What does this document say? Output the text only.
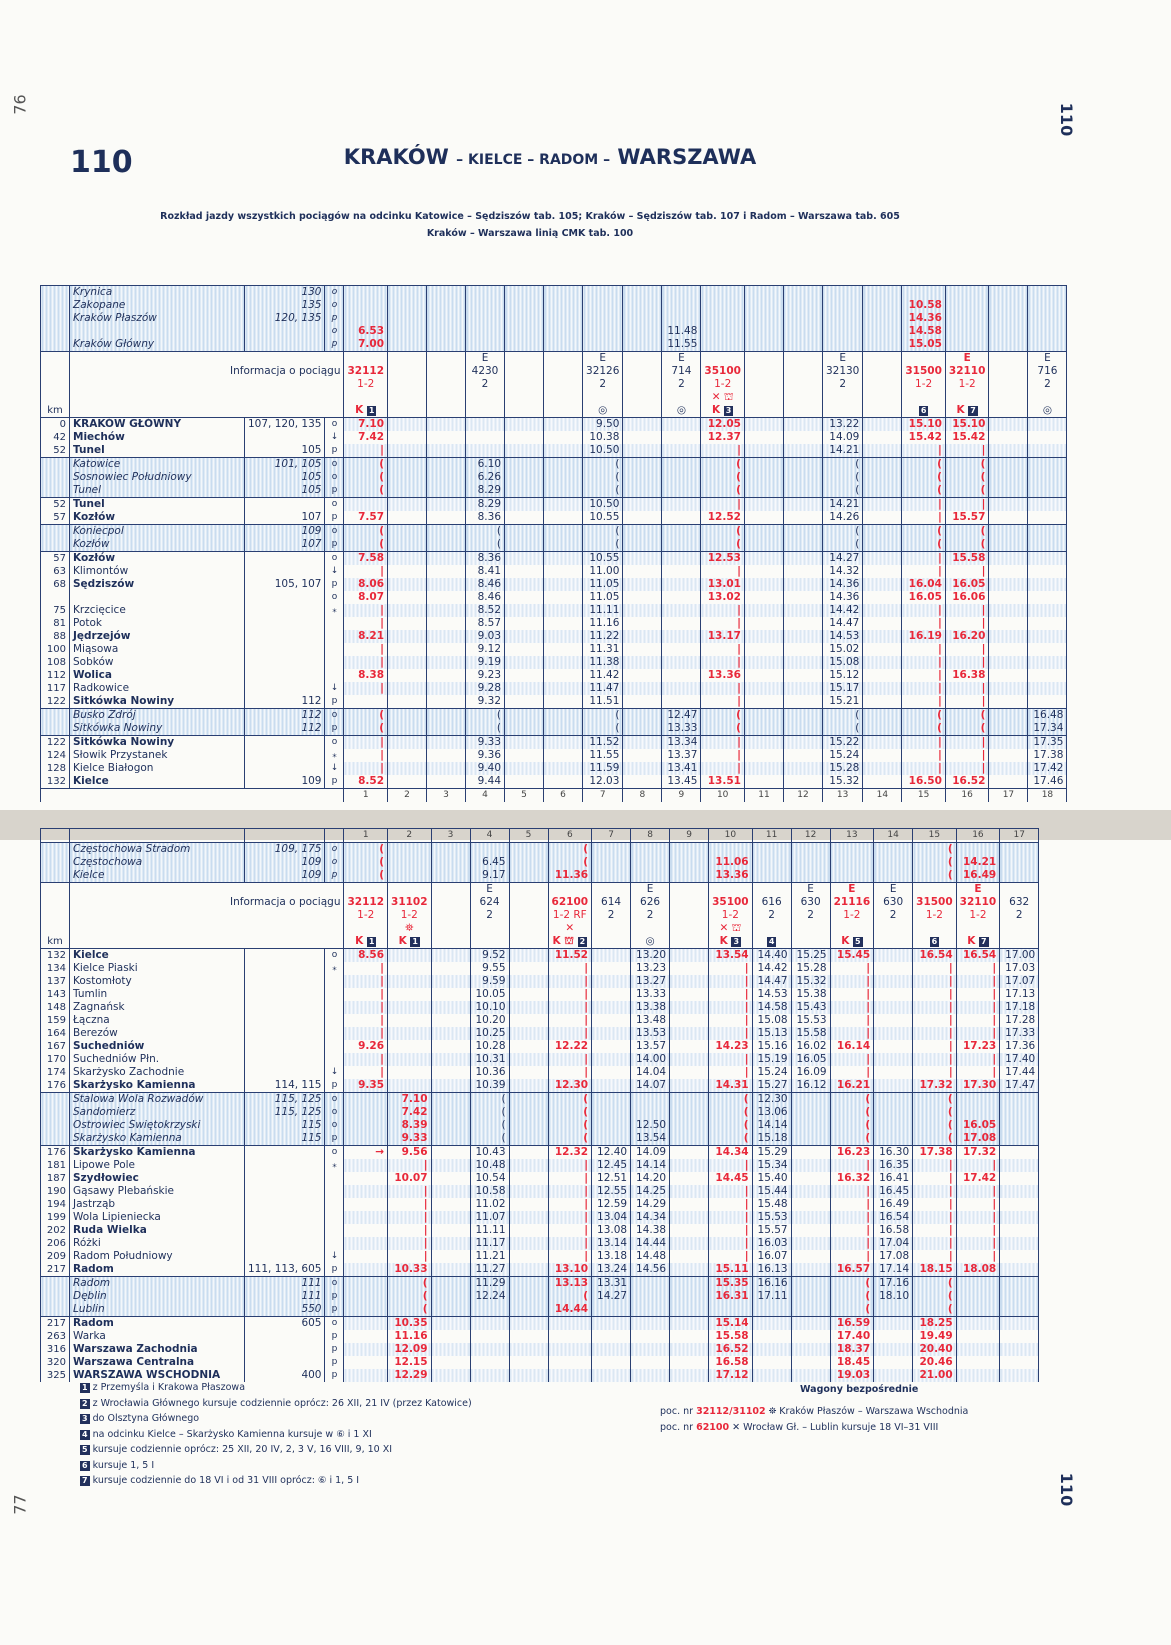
76	110
110	KRAKÓW – KIELCE – RADOM – WARSZAWA
Rozkład jazdy wszystkich pociągów na odcinku Katowice – Sędziszów tab. 105; Kraków – Sędziszów tab. 107 i Radom – Warszawa tab. 605
Kraków – Warszawa linią CMK tab. 100
	Krynica	130	o																		
	Zakopane	135	o															10.58			
	Kraków Płaszów	120, 135	p															14.36			
			o	6.53								11.48						14.58			
	Kraków Główny		p	7.00								11.55						15.05			
							E			E		E				E			E		E
	Informacja o pociągu			32112			4230			32126		714	35100			32130		31500	32110		716
				1-2			2			2		2	1-2			2		1-2	1-2		2
													✕ ⛫								
km				K 1						◎		◎	K 3					6	K 7		◎
0	KRAKÓW GŁÓWNY	107, 120, 135	o	7.10						9.50			12.05			13.22		15.10	15.10		
42	Miechów		↓	7.42						10.38			12.37			14.09		15.42	15.42		
52	Tunel	105	p	|						10.50			|			14.21		|	|		
	Katowice	101, 105	o	(			6.10			(			(			(		(	(		
	Sosnowiec Południowy	105	o	(			6.26			(			(			(		(	(		
	Tunel	105	p	(			8.29			(			(			(		(	(		
52	Tunel		o				8.29			10.50			|			14.21		|	|		
57	Kozłów	107	p	7.57			8.36			10.55			12.52			14.26		|	15.57		
	Koniecpol	109	o	(			(			(			(			(		(	(		
	Kozłów	107	p	(			(			(			(			(		(	(		
57	Kozłów		o	7.58			8.36			10.55			12.53			14.27		|	15.58		
63	Klimontów		↓	|			8.41			11.00			|			14.32		|	|		
68	Sędziszów	105, 107	p	8.06			8.46			11.05			13.01			14.36		16.04	16.05		
			o	8.07			8.46			11.05			13.02			14.36		16.05	16.06		
75	Krzcięcice		⁎	|			8.52			11.11			|			14.42		|	|		
81	Potok			|			8.57			11.16			|			14.47		|	|		
88	Jędrzejów			8.21			9.03			11.22			13.17			14.53		16.19	16.20		
100	Miąsowa			|			9.12			11.31			|			15.02		|	|		
108	Sobków			|			9.19			11.38			|			15.08		|	|		
112	Wolica			8.38			9.23			11.42			13.36			15.12		|	16.38		
117	Radkowice		↓	|			9.28			11.47			|			15.17		|	|		
122	Sitkówka Nowiny	112	p				9.32			11.51			|			15.21		|	|		
	Busko Zdrój	112	o	(			(			(		12.47	(			(		(	(		16.48
	Sitkówka Nowiny	112	p	(			(			(		13.33	(			(		(	(		17.34
122	Sitkówka Nowiny		o	|			9.33			11.52		13.34	|			15.22		|	|		17.35
124	Słowik Przystanek		⁎	|			9.36			11.55		13.37	|			15.24		|	|		17.38
128	Kielce Białogon		↓	|			9.40			11.59		13.41	|			15.28		|	|		17.42
132	Kielce	109	p	8.52			9.44			12.03		13.45	13.51			15.32		16.50	16.52		17.46
				1	2	3	4	5	6	7	8	9	10	11	12	13	14	15	16	17	18
				1	2	3	4	5	6	7	8	9	10	11	12	13	14	15	16	17
	Częstochowa Stradom	109, 175	o	(					(									(		
	Częstochowa	109	o	(			6.45		(				11.06					(	14.21	
	Kielce	109	p	(			9.17		11.36				13.36					(	16.49	
							E				E				E	E	E		E	
	Informacja o pociągu			32112	31102		624		62100	614	626		35100	616	630	21116	630	31500	32110	632
				1-2	1-2		2		1-2 RF	2	2		1-2	2	2	1-2	2	1-2	1-2	2
					⛯				✕				✕ ⛫							
km				K 1	K 1				K ⛫ 2		◎		K 3	4		K 5		6	K 7	
132	Kielce		o	8.56			9.52		11.52		13.20		13.54	14.40	15.25	15.45		16.54	16.54	17.00
134	Kielce Piaski		⁎	|			9.55		|		13.23		|	14.42	15.28	|		|	|	17.03
137	Kostomłoty			|			9.59		|		13.27		|	14.47	15.32	|		|	|	17.07
143	Tumlin			|			10.05		|		13.33		|	14.53	15.38	|		|	|	17.13
148	Zagnańsk			|			10.10		|		13.38		|	14.58	15.43	|		|	|	17.18
159	Łączna			|			10.20		|		13.48		|	15.08	15.53	|		|	|	17.28
164	Berezów			|			10.25		|		13.53		|	15.13	15.58	|		|	|	17.33
167	Suchedniów			9.26			10.28		12.22		13.57		14.23	15.16	16.02	16.14		|	17.23	17.36
170	Suchedniów Płn.			|			10.31		|		14.00		|	15.19	16.05	|		|	|	17.40
174	Skarżysko Zachodnie		↓	|			10.36		|		14.04		|	15.24	16.09	|		|	|	17.44
176	Skarżysko Kamienna	114, 115	p	9.35			10.39		12.30		14.07		14.31	15.27	16.12	16.21		17.32	17.30	17.47
	Stalowa Wola Rozwadów	115, 125	o		7.10		(		(				(	12.30		(		(		
	Sandomierz	115, 125	o		7.42		(		(				(	13.06		(		(		
	Ostrowiec Świętokrzyski	115	o		8.39		(		(		12.50		(	14.14		(		(	16.05	
	Skarżysko Kamienna	115	p		9.33		(		(		13.54		(	15.18		(		(	17.08	
176	Skarżysko Kamienna		o	→	9.56		10.43		12.32	12.40	14.09		14.34	15.29		16.23	16.30	17.38	17.32	
181	Lipowe Pole		⁎		|		10.48		|	12.45	14.14		|	15.34		|	16.35	|	|	
187	Szydłowiec				10.07		10.54		|	12.51	14.20		14.45	15.40		16.32	16.41	|	17.42	
190	Gąsawy Plebańskie				|		10.58		|	12.55	14.25		|	15.44		|	16.45	|	|	
194	Jastrząb				|		11.02		|	12.59	14.29		|	15.48		|	16.49	|	|	
199	Wola Lipieniecka				|		11.07		|	13.04	14.34		|	15.53		|	16.54	|	|	
202	Ruda Wielka				|		11.11		|	13.08	14.38		|	15.57		|	16.58	|	|	
206	Różki				|		11.17		|	13.14	14.44		|	16.03		|	17.04	|	|	
209	Radom Południowy		↓		|		11.21		|	13.18	14.48		|	16.07		|	17.08	|	|	
217	Radom	111, 113, 605	p		10.33		11.27		13.10	13.24	14.56		15.11	16.13		16.57	17.14	18.15	18.08	
	Radom	111	o		(		11.29		13.13	13.31			15.35	16.16		(	17.16	(		
	Dęblin	111	p		(		12.24		(	14.27			16.31	17.11		(	18.10	(		
	Lublin	550	p		(				14.44							(		(		
217	Radom	605	o		10.35								15.14			16.59		18.25		
263	Warka		p		11.16								15.58			17.40		19.49		
316	Warszawa Zachodnia		p		12.09								16.52			18.37		20.40		
320	Warszawa Centralna		p		12.15								16.58			18.45		20.46		
325	WARSZAWA WSCHODNIA	400	p		12.29								17.12			19.03		21.00		
77	110
1 z Przemyśla i Krakowa Płaszowa
2 z Wrocławia Głównego kursuje codziennie oprócz: 26 XII, 21 IV (przez Katowice)
3 do Olsztyna Głównego
4 na odcinku Kielce – Skarżysko Kamienna kursuje w ⑥ i 1 XI
5 kursuje codziennie oprócz: 25 XII, 20 IV, 2, 3 V, 16 VIII, 9, 10 XI
6 kursuje 1, 5 I
7 kursuje codziennie do 18 VI i od 31 VIII oprócz: ⑥ i 1, 5 I
Wagony bezpośrednie
poc. nr 32112/31102 ⛯ Kraków Płaszów – Warszawa Wschodnia
poc. nr 62100 ✕ Wrocław Gł. – Lublin kursuje 18 VI–31 VIII
